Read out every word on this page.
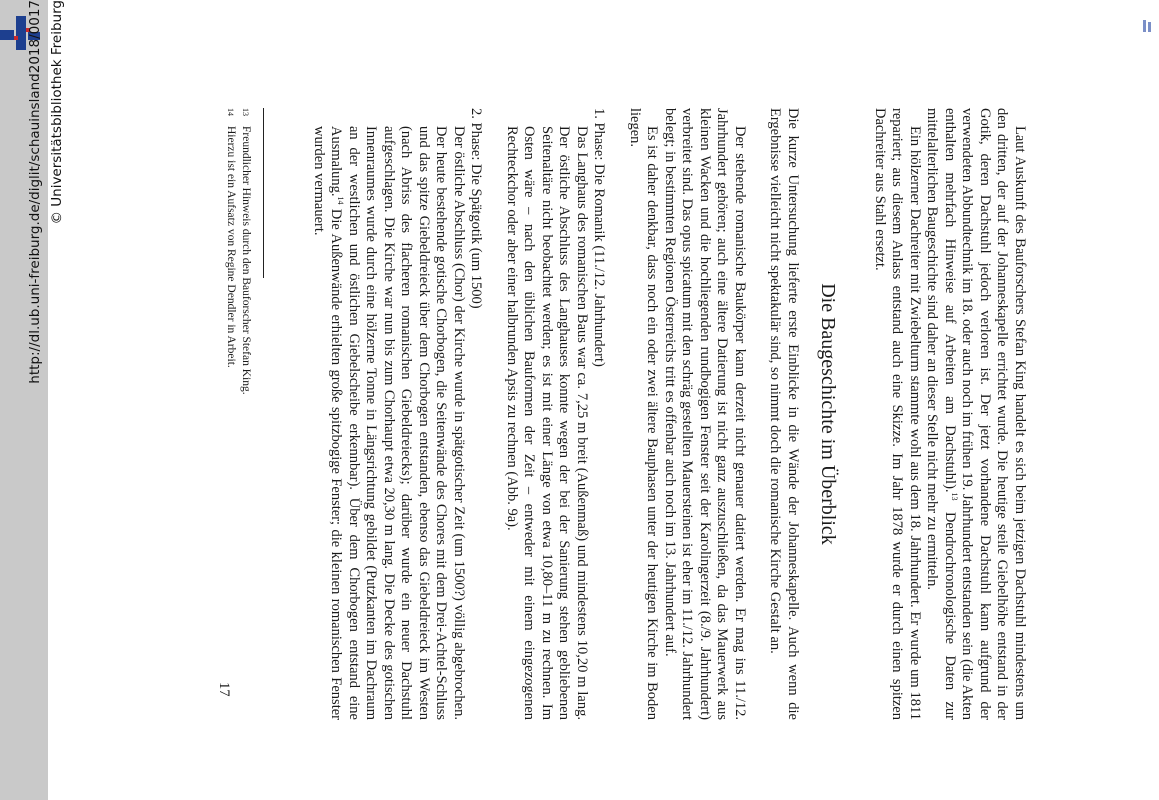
http://dl.ub.uni-freiburg.de/diglit/schauinsland2018/0017 © Universitätsbibliothek Freiburg

Laut Auskunft des Bauforschers Stefan King handelt es sich beim jetzigen Dachstuhl mindestens um den dritten, der auf der Johanneskapelle errichtet wurde. Die heutige steile Giebelhöhe entstand in der Gotik, deren Dachstuhl jedoch verloren ist. Der jetzt vorhandene Dachstuhl kann aufgrund der verwendeten Abbundtechnik im 18. oder auch noch im frühen 19. Jahrhundert entstanden sein (die Akten enthalten mehrfach Hinweise auf Arbeiten am Dachstuhl).$^{13}$ Dendrochronologische Daten zur mittelalterlichen Baugeschichte sind daher an dieser Stelle nicht mehr zu ermitteln.

Ein hölzerner Dachreiter mit Zwiebelturm stammte wohl aus dem 18. Jahrhundert. Er wurde um 1811 repariert; aus diesem Anlass entstand auch eine Skizze. Im Jahr 1878 wurde er durch einen spitzen Dachreiter aus Stahl ersetzt.

Die Baugeschichte im Überblick

Die kurze Untersuchung lieferte erste Einblicke in die Wände der Johanneskapelle. Auch wenn die Ergebnisse vielleicht nicht spektakulär sind, so nimmt doch die romanische Kirche Gestalt an.

Der stehende romanische Baukörper kann derzeit nicht genauer datiert werden. Er mag ins 11./12. Jahrhundert gehören; auch eine ältere Datierung ist nicht ganz auszuschließen, da das Mauerwerk aus kleinen Wacken und die hochliegenden rundbogigen Fenster seit der Karolingerzeit (8./9. Jahrhundert) verbreitet sind. Das opus spicatum mit den schräg gestellten Mauersteinen ist eher im 11./12. Jahrhundert belegt; in bestimmten Regionen Österreichs tritt es offenbar auch noch im 13. Jahrhundert auf.

Es ist daher denkbar, dass noch ein oder zwei ältere Bauphasen unter der heutigen Kirche im Boden liegen.

1. Phase: Die Romanik (11./12. Jahrhundert)

Das Langhaus des romanischen Baus war ca. 7,25 m breit (Außenmaß) und mindestens 10,20 m lang. Der östliche Abschluss des Langhauses konnte wegen der bei der Sanierung stehen gebliebenen Seitenaltäre nicht beobachtet werden; es ist mit einer Länge von etwa 10,80–11 m zu rechnen. Im Osten wäre – nach den üblichen Bauformen der Zeit – entweder mit einem eingezogenen Rechteckchor oder aber einer halbrunden Apsis zu rechnen (Abb. 9a).

2. Phase: Die Spätgotik (um 1500)

Der östliche Abschluss (Chor) der Kirche wurde in spätgotischer Zeit (um 1500?) völlig abgebrochen. Der heute bestehende gotische Chorbogen, die Seitenwände des Chores mit dem Drei-Achtel-Schluss und das spitze Giebeldreieck über dem Chorbogen entstanden, ebenso das Giebeldreieck im Westen (nach Abriss des flacheren romanischen Giebeldreiecks); darüber wurde ein neuer Dachstuhl aufgeschlagen. Die Kirche war nun bis zum Chorhaupt etwa 20,30 m lang. Die Decke des gotischen Innenraumes wurde durch eine hölzerne Tonne in Längsrichtung gebildet (Putzkanten im Dachraum an der westlichen und östlichen Giebelscheibe erkennbar). Über dem Chorbogen entstand eine Ausmalung.$^{14}$ Die Außenwände erhielten große spitzbogige Fenster; die kleinen romanischen Fenster wurden vermauert.

13
Freundlicher Hinweis durch den Bauforscher Stefan King.
14
Hierzu ist ein Aufsatz von Regine Dendler in Arbeit.
17
